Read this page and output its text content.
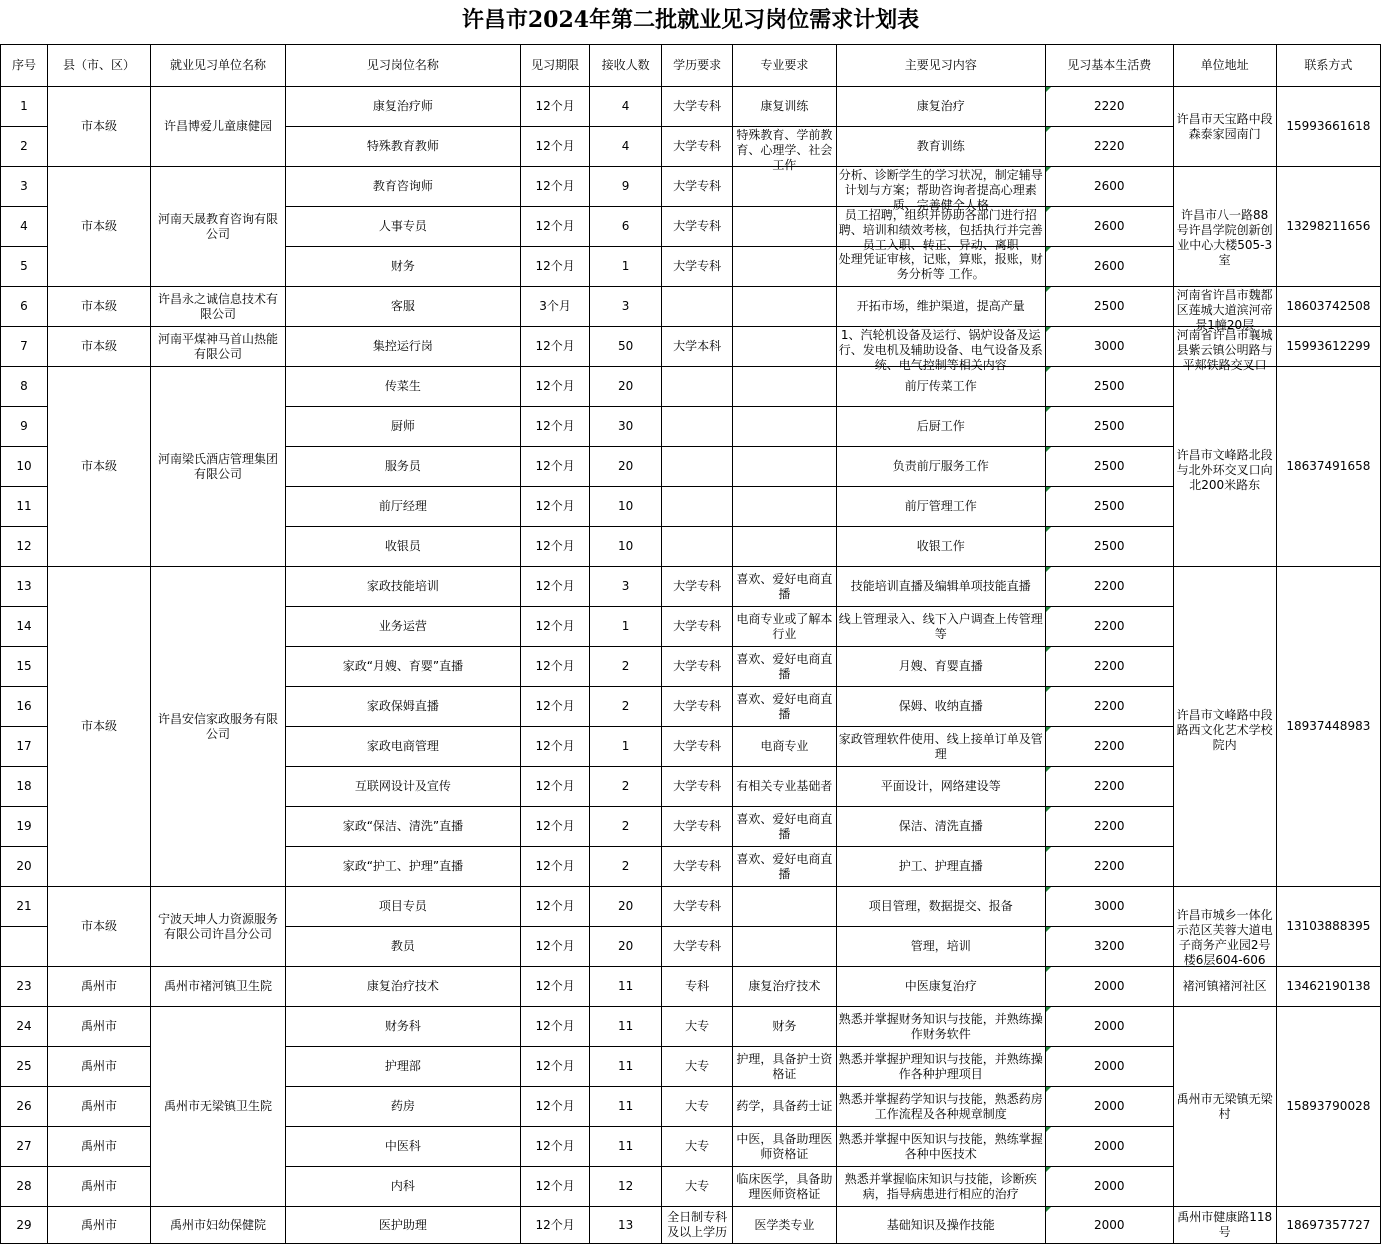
许昌市2024年第二批就业见习岗位需求计划表
序号	县（市、区）	就业见习单位名称	见习岗位名称	见习期限	接收人数	学历要求	专业要求	主要见习内容	见习基本生活费	单位地址	联系方式

1	市本级	许昌博爱儿童康健园	康复治疗师	12个月	4	大学专科	康复训练	康复治疗	2220	许昌市天宝路中段森泰家园南门	15993661618

2			特殊教育教师	12个月	4	大学专科	特殊教育、学前教育、心理学、社会工作	教育训练	2220		

3	市本级	河南天晟教育咨询有限公司	教育咨询师	12个月	9	大学专科		分析、诊断学生的学习状况，制定辅导计划与方案；帮助咨询者提高心理素质、完善健全人格	2600	许昌市八一路88号许昌学院创新创业中心大楼505-3室	13298211656

4			人事专员	12个月	6	大学专科		员工招聘，组织并协助各部门进行招聘、培训和绩效考核，包括执行并完善员工入职、转正、异动、离职	2600		

5			财务	12个月	1	大学专科		处理凭证审核，记账，算账，报账，财务分析等 工作。	2600		

6	市本级	许昌永之诚信息技术有限公司	客服	3个月	3			开拓市场，维护渠道，提高产量	2500	河南省许昌市魏都区莲城大道滨河帝景1幢20层	18603742508

7	市本级	河南平煤神马首山热能有限公司	集控运行岗	12个月	50	大学本科		1、汽轮机设备及运行、锅炉设备及运行、发电机及辅助设备、电气设备及系统、电气控制等相关内容	3000	河南省许昌市襄城县紫云镇公明路与平郏铁路交叉口	15993612299

8	市本级	河南梁氏酒店管理集团有限公司	传菜生	12个月	20			前厅传菜工作	2500	许昌市文峰路北段与北外环交叉口向北200米路东	18637491658

9			厨师	12个月	30			后厨工作	2500		

10			服务员	12个月	20			负责前厅服务工作	2500		

11			前厅经理	12个月	10			前厅管理工作	2500		

12			收银员	12个月	10			收银工作	2500		

13	市本级	许昌安信家政服务有限公司	家政技能培训	12个月	3	大学专科	喜欢、爱好电商直播	技能培训直播及编辑单项技能直播	2200	许昌市文峰路中段路西文化艺术学校院内	18937448983

14			业务运营	12个月	1	大学专科	电商专业或了解本行业	线上管理录入、线下入户调查上传管理等	2200		

15			家政“月嫂、育婴”直播	12个月	2	大学专科	喜欢、爱好电商直播	月嫂、育婴直播	2200		

16			家政保姆直播	12个月	2	大学专科	喜欢、爱好电商直播	保姆、收纳直播	2200		

17			家政电商管理	12个月	1	大学专科	电商专业	家政管理软件使用、线上接单订单及管理	2200		

18			互联网设计及宣传	12个月	2	大学专科	有相关专业基础者	平面设计，网络建设等	2200		

19			家政“保洁、清洗”直播	12个月	2	大学专科	喜欢、爱好电商直播	保洁、清洗直播	2200		

20			家政“护工、护理”直播	12个月	2	大学专科	喜欢、爱好电商直播	护工、护理直播	2200		

21	市本级	宁波天坤人力资源服务有限公司许昌分公司	项目专员	12个月	20	大学专科		项目管理，数据提交、报备	3000	许昌市城乡一体化示范区芙蓉大道电子商务产业园2号楼6层604-606	13103888395

			教员	12个月	20	大学专科		管理，培训	3200		

23	禹州市	禹州市褚河镇卫生院	康复治疗技术	12个月	11	专科	康复治疗技术	中医康复治疗	2000	褚河镇褚河社区	13462190138

24	禹州市	禹州市无梁镇卫生院	财务科	12个月	11	大专	财务	熟悉并掌握财务知识与技能，并熟练操作财务软件	2000	禹州市无梁镇无梁村	15893790028

25	禹州市		护理部	12个月	11	大专	护理，具备护士资格证	熟悉并掌握护理知识与技能，并熟练操作各种护理项目	2000		

26	禹州市		药房	12个月	11	大专	药学，具备药士证	熟悉并掌握药学知识与技能，熟悉药房工作流程及各种规章制度	2000		

27	禹州市		中医科	12个月	11	大专	中医，具备助理医师资格证	熟悉并掌握中医知识与技能，熟练掌握各种中医技术	2000		

28	禹州市		内科	12个月	12	大专	临床医学，具备助理医师资格证	熟悉并掌握临床知识与技能，诊断疾病，指导病患进行相应的治疗	2000		

29	禹州市	禹州市妇幼保健院	医护助理	12个月	13	全日制专科及以上学历	医学类专业	基础知识及操作技能	2000	禹州市健康路118号	18697357727
